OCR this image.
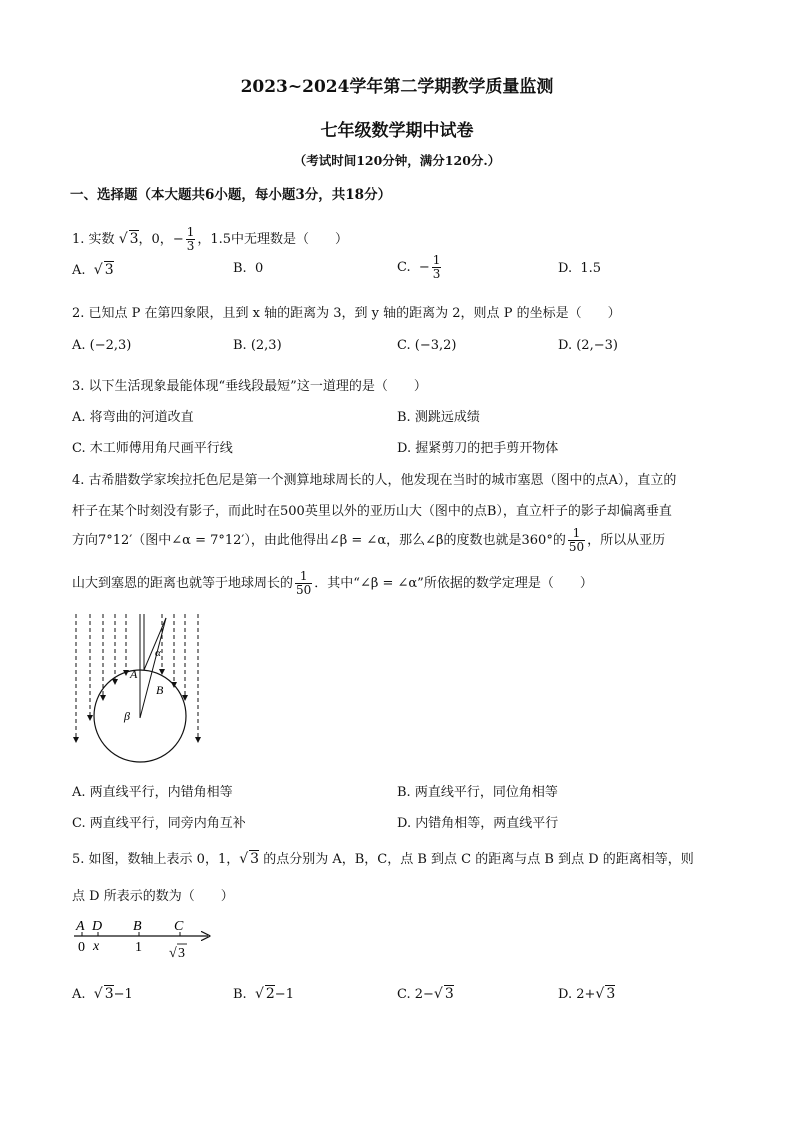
2023~2024学年第二学期教学质量监测
七年级数学期中试卷
（考试时间120分钟，满分120分.）
一、选择题（本大题共6小题，每小题3分，共18分）
1. 实数 √ 3，0，− $\frac{1}{3}$ ，1.5中无理数是（　　）
A. √ 3	B. 0	C.  − $\frac{1}{3}$	D. 1.5
2. 已知点 P 在第四象限，且到 x 轴的距离为 3，到 y 轴的距离为 2，则点 P 的坐标是（　　）
A. (−2,3)	B. (2,3)	C. (−3,2)	D. (2,−3)
3. 以下生活现象最能体现“垂线段最短”这一道理的是（　　）
A. 将弯曲的河道改直	B. 测跳远成绩
C. 木工师傅用角尺画平行线	D. 握紧剪刀的把手剪开物体
4. 古希腊数学家埃拉托色尼是第一个测算地球周长的人，他发现在当时的城市塞恩（图中的点A），直立的
杆子在某个时刻没有影子，而此时在500英里以外的亚历山大（图中的点B），直立杆子的影子却偏离垂直
方向7°12′（图中∠α = 7°12′），由此他得出∠β = ∠α，那么∠β的度数也就是360°的 $\frac{1}{50}$ ，所以从亚历
山大到塞恩的距离也就等于地球周长的 $\frac{1}{50}$ ．其中“∠β = ∠α”所依据的数学定理是（　　）
A
B
α
β
A. 两直线平行，内错角相等	B. 两直线平行，同位角相等
C. 两直线平行，同旁内角互补	D. 内错角相等，两直线平行
5. 如图，数轴上表示 0，1，√ 3 的点分别为 A，B，C，点 B 到点 C 的距离与点 B 到点 D 的距离相等，则
点 D 所表示的数为（　　）
A D B C
0 x	1 √ 3
A. √ 3−1	B. √ 2−1	C. 2−√ 3	D. 2+√ 3
